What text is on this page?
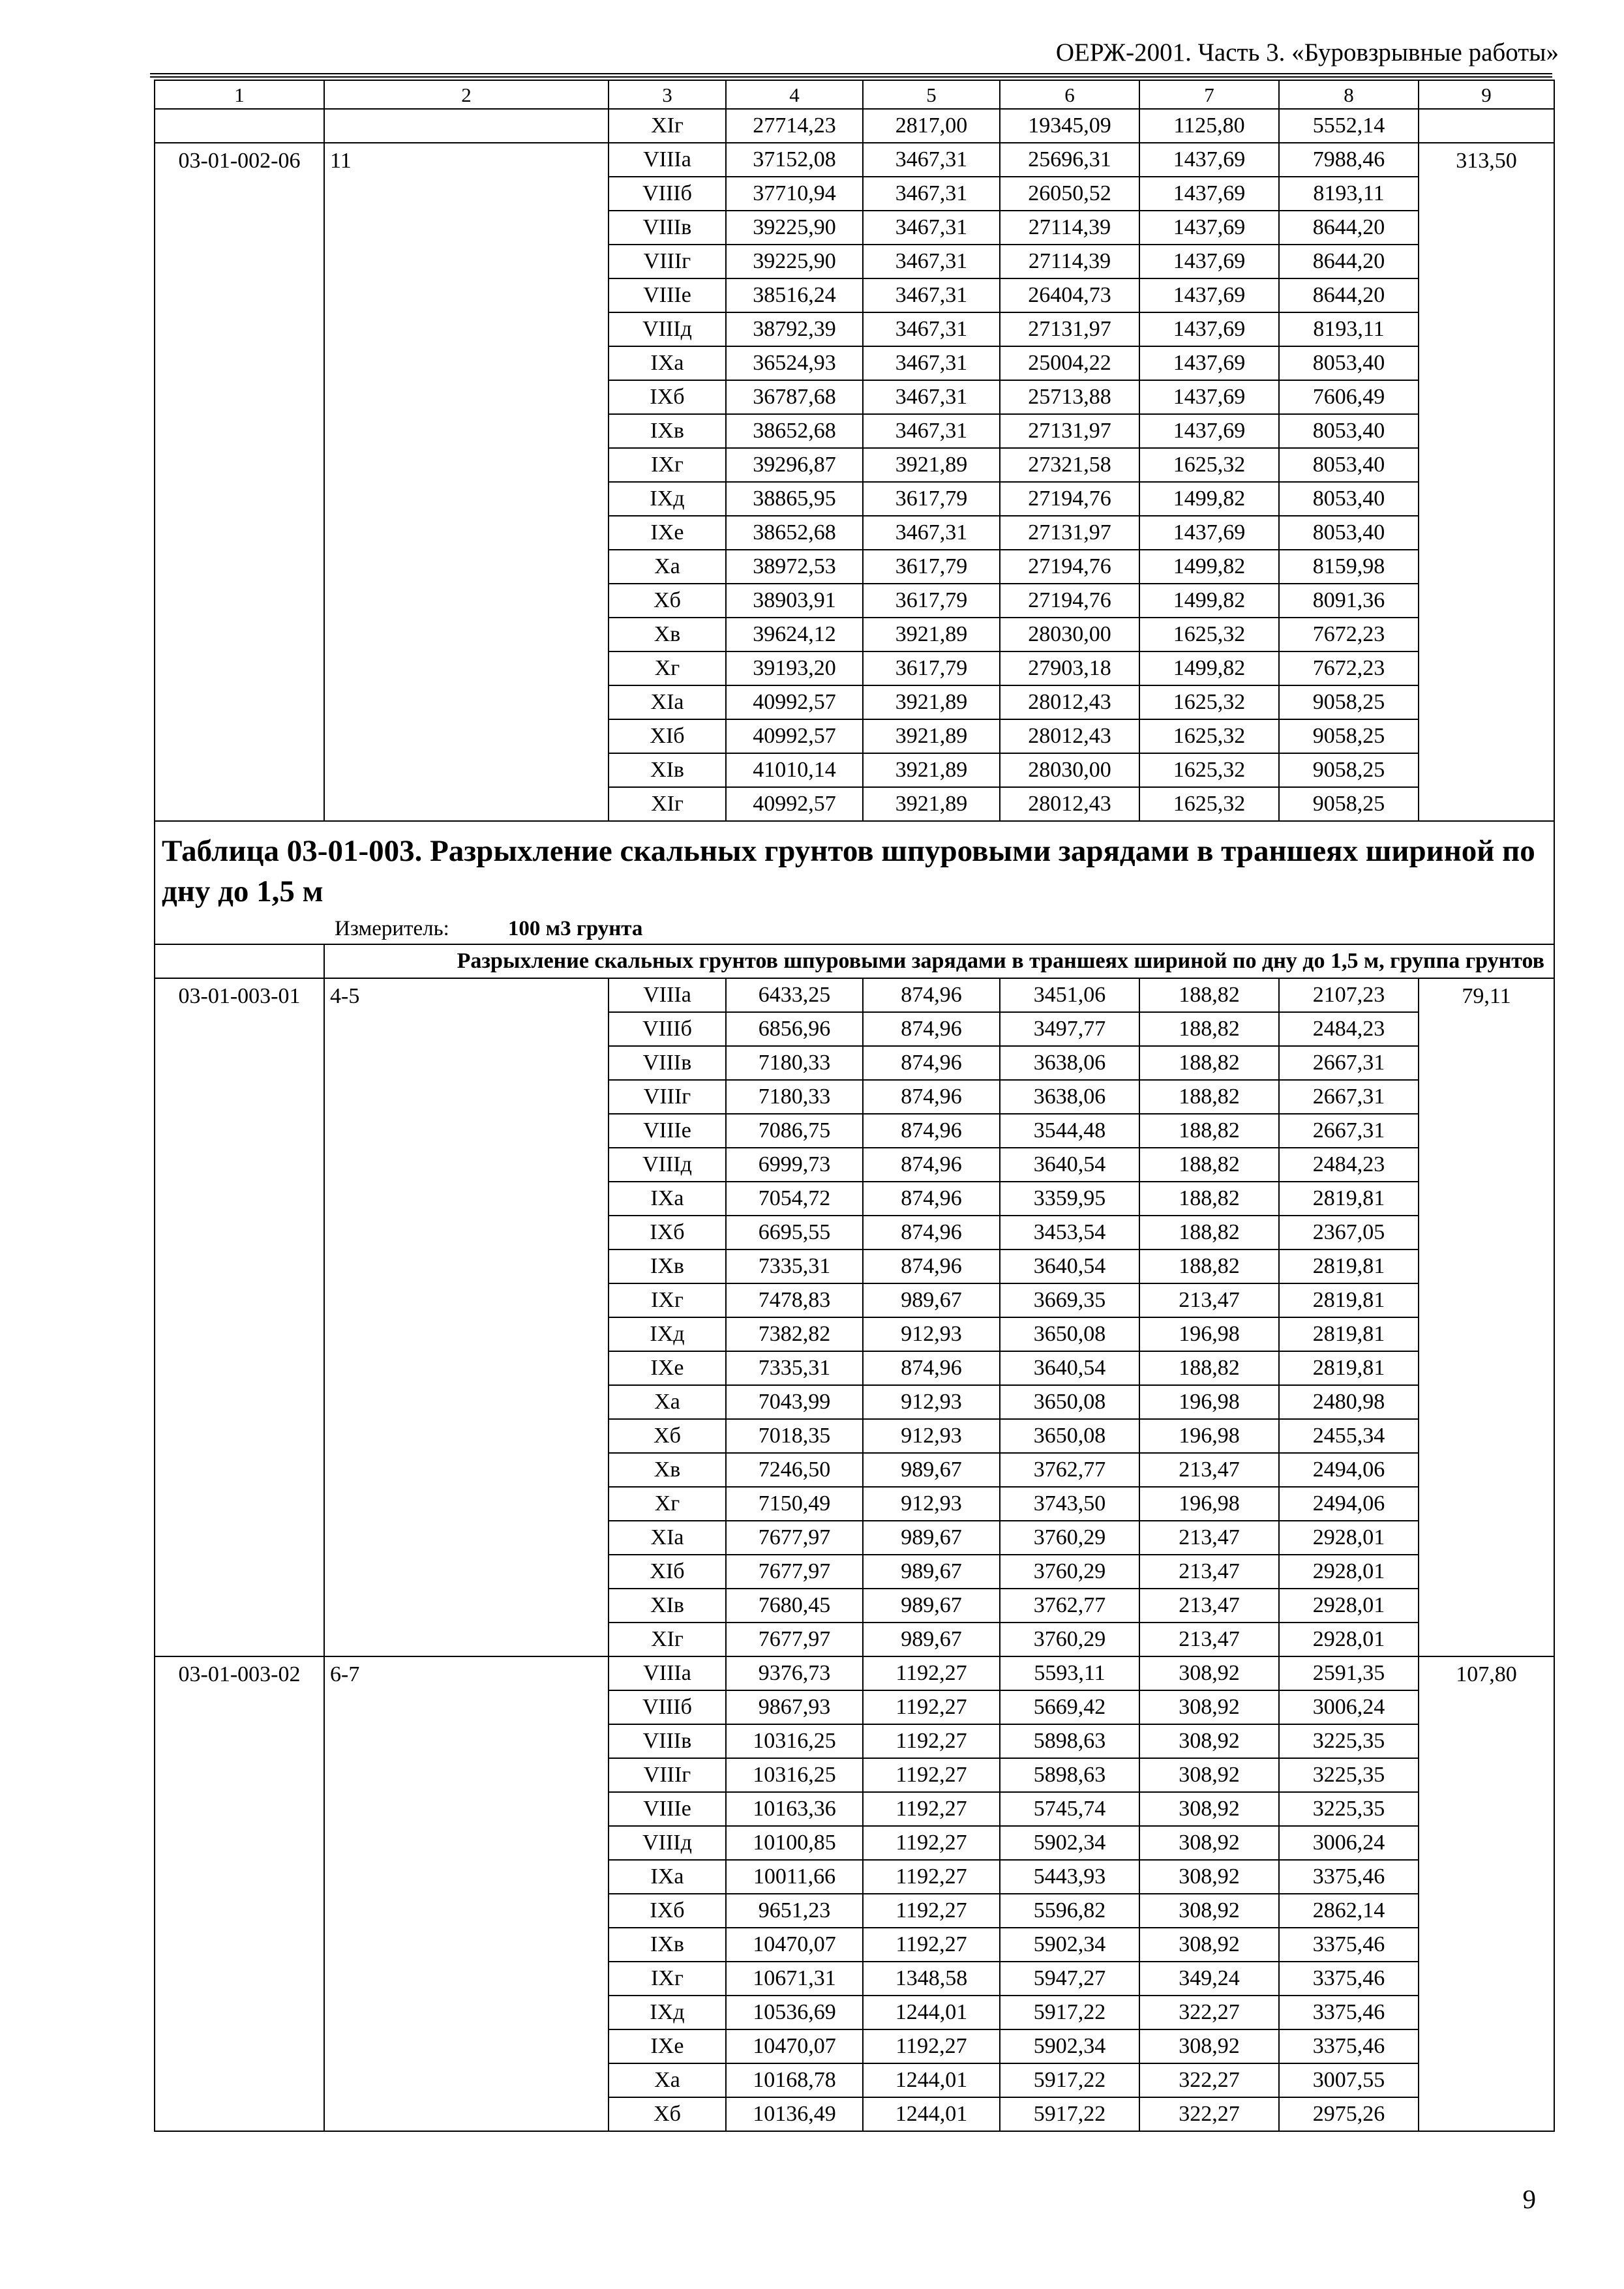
ОЕРЖ-2001. Часть 3. «Буровзрывные работы»
1	2	3	4	5	6	7	8	9
		XIг	27714,23	2817,00	19345,09	1125,80	5552,14	
03-01-002-06	11	VIIIа	37152,08	3467,31	25696,31	1437,69	7988,46	313,50
		VIIIб	37710,94	3467,31	26050,52	1437,69	8193,11	
		VIIIв	39225,90	3467,31	27114,39	1437,69	8644,20	
		VIIIг	39225,90	3467,31	27114,39	1437,69	8644,20	
		VIIIе	38516,24	3467,31	26404,73	1437,69	8644,20	
		VIIIд	38792,39	3467,31	27131,97	1437,69	8193,11	
		IXа	36524,93	3467,31	25004,22	1437,69	8053,40	
		IXб	36787,68	3467,31	25713,88	1437,69	7606,49	
		IXв	38652,68	3467,31	27131,97	1437,69	8053,40	
		IXг	39296,87	3921,89	27321,58	1625,32	8053,40	
		IXд	38865,95	3617,79	27194,76	1499,82	8053,40	
		IXе	38652,68	3467,31	27131,97	1437,69	8053,40	
		Xа	38972,53	3617,79	27194,76	1499,82	8159,98	
		Xб	38903,91	3617,79	27194,76	1499,82	8091,36	
		Xв	39624,12	3921,89	28030,00	1625,32	7672,23	
		Xг	39193,20	3617,79	27903,18	1499,82	7672,23	
		XIа	40992,57	3921,89	28012,43	1625,32	9058,25	
		XIб	40992,57	3921,89	28012,43	1625,32	9058,25	
		XIв	41010,14	3921,89	28030,00	1625,32	9058,25	
		XIг	40992,57	3921,89	28012,43	1625,32	9058,25	

Таблица 03-01-003. Разрыхление скальных грунтов шпуровыми зарядами в траншеях шириной по дну до 1,5 м
Измеритель: 100 м3 грунта								

	Разрыхление скальных грунтов шпуровыми зарядами в траншеях шириной по дну до 1,5 м, группа грунтов							
03-01-003-01	4-5	VIIIа	6433,25	874,96	3451,06	188,82	2107,23	79,11
		VIIIб	6856,96	874,96	3497,77	188,82	2484,23	
		VIIIв	7180,33	874,96	3638,06	188,82	2667,31	
		VIIIг	7180,33	874,96	3638,06	188,82	2667,31	
		VIIIе	7086,75	874,96	3544,48	188,82	2667,31	
		VIIIд	6999,73	874,96	3640,54	188,82	2484,23	
		IXа	7054,72	874,96	3359,95	188,82	2819,81	
		IXб	6695,55	874,96	3453,54	188,82	2367,05	
		IXв	7335,31	874,96	3640,54	188,82	2819,81	
		IXг	7478,83	989,67	3669,35	213,47	2819,81	
		IXд	7382,82	912,93	3650,08	196,98	2819,81	
		IXе	7335,31	874,96	3640,54	188,82	2819,81	
		Xа	7043,99	912,93	3650,08	196,98	2480,98	
		Xб	7018,35	912,93	3650,08	196,98	2455,34	
		Xв	7246,50	989,67	3762,77	213,47	2494,06	
		Xг	7150,49	912,93	3743,50	196,98	2494,06	
		XIа	7677,97	989,67	3760,29	213,47	2928,01	
		XIб	7677,97	989,67	3760,29	213,47	2928,01	
		XIв	7680,45	989,67	3762,77	213,47	2928,01	
		XIг	7677,97	989,67	3760,29	213,47	2928,01	
03-01-003-02	6-7	VIIIа	9376,73	1192,27	5593,11	308,92	2591,35	107,80
		VIIIб	9867,93	1192,27	5669,42	308,92	3006,24	
		VIIIв	10316,25	1192,27	5898,63	308,92	3225,35	
		VIIIг	10316,25	1192,27	5898,63	308,92	3225,35	
		VIIIе	10163,36	1192,27	5745,74	308,92	3225,35	
		VIIIд	10100,85	1192,27	5902,34	308,92	3006,24	
		IXа	10011,66	1192,27	5443,93	308,92	3375,46	
		IXб	9651,23	1192,27	5596,82	308,92	2862,14	
		IXв	10470,07	1192,27	5902,34	308,92	3375,46	
		IXг	10671,31	1348,58	5947,27	349,24	3375,46	
		IXд	10536,69	1244,01	5917,22	322,27	3375,46	
		IXе	10470,07	1192,27	5902,34	308,92	3375,46	
		Xа	10168,78	1244,01	5917,22	322,27	3007,55	
		Xб	10136,49	1244,01	5917,22	322,27	2975,26	
9
